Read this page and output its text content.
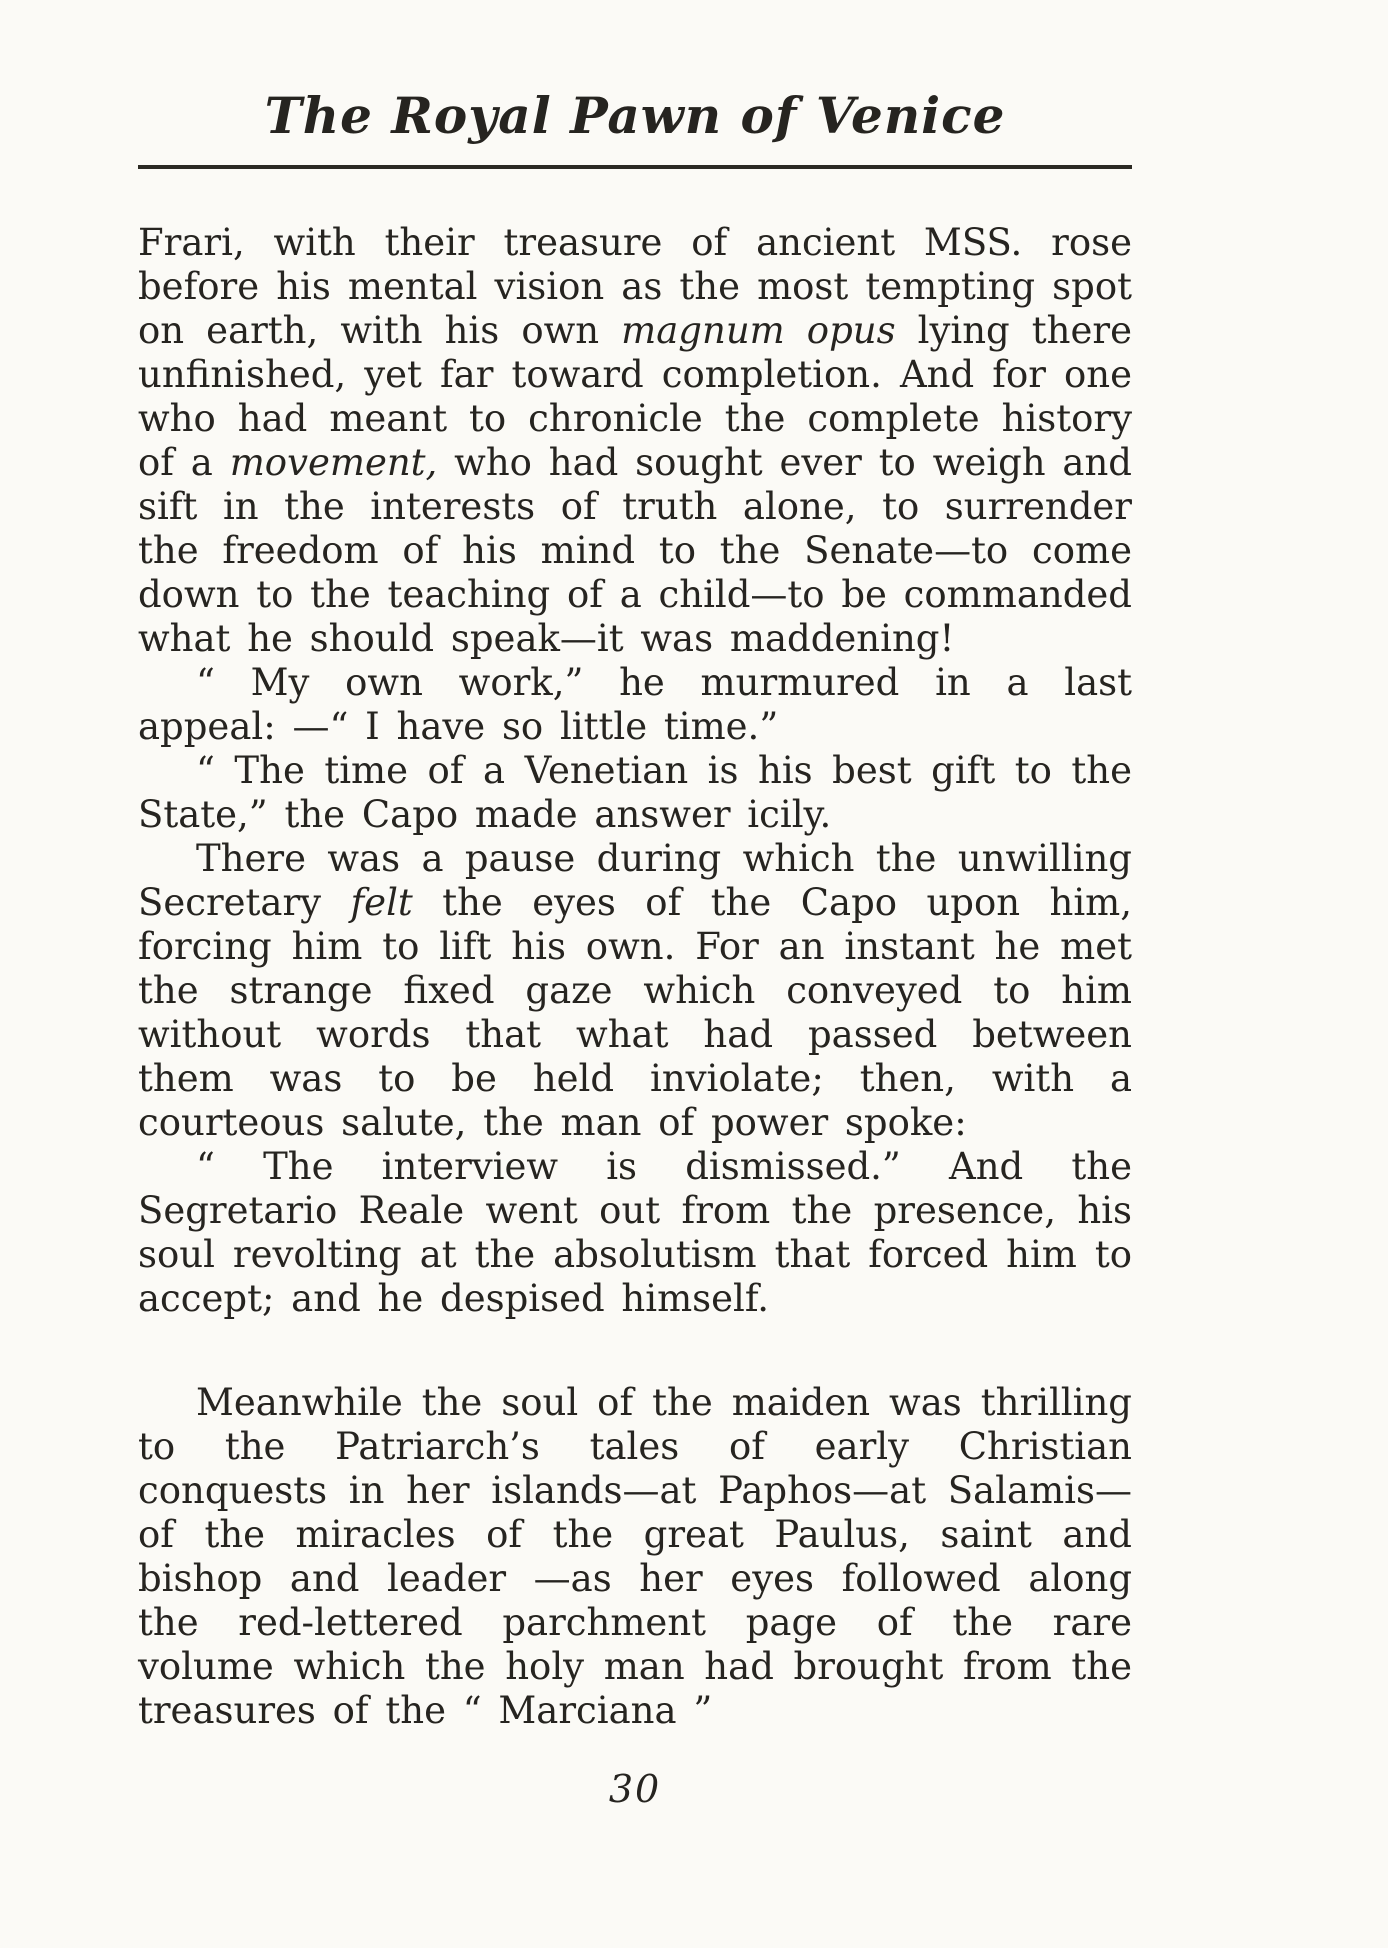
The Royal Pawn of Venice

Frari, with their treasure of ancient MSS. rose before his mental vision as the most tempting spot on earth, with his own magnum opus lying there unfinished, yet far toward completion. And for one who had meant to chronicle the complete history of a movement, who had sought ever to weigh and sift in the interests of truth alone, to surrender the freedom of his mind to the Senate—to come down to the teaching of a child—to be commanded what he should speak—it was maddening!

“ My own work,” he murmured in a last appeal: —“ I have so little time.”

“ The time of a Venetian is his best gift to the State,” the Capo made answer icily.

There was a pause during which the unwilling Secretary felt the eyes of the Capo upon him, forcing him to lift his own. For an instant he met the strange fixed gaze which conveyed to him without words that what had passed between them was to be held inviolate; then, with a courteous salute, the man of power spoke:

“ The interview is dismissed.” And the Segretario Reale went out from the presence, his soul revolting at the absolutism that forced him to accept; and he despised himself.

Meanwhile the soul of the maiden was thrilling to the Patriarch’s tales of early Christian conquests in her islands—at Paphos—at Salamis—of the miracles of the great Paulus, saint and bishop and leader —as her eyes followed along the red-lettered parchment page of the rare volume which the holy man had brought from the treasures of the “ Marciana ”

30
